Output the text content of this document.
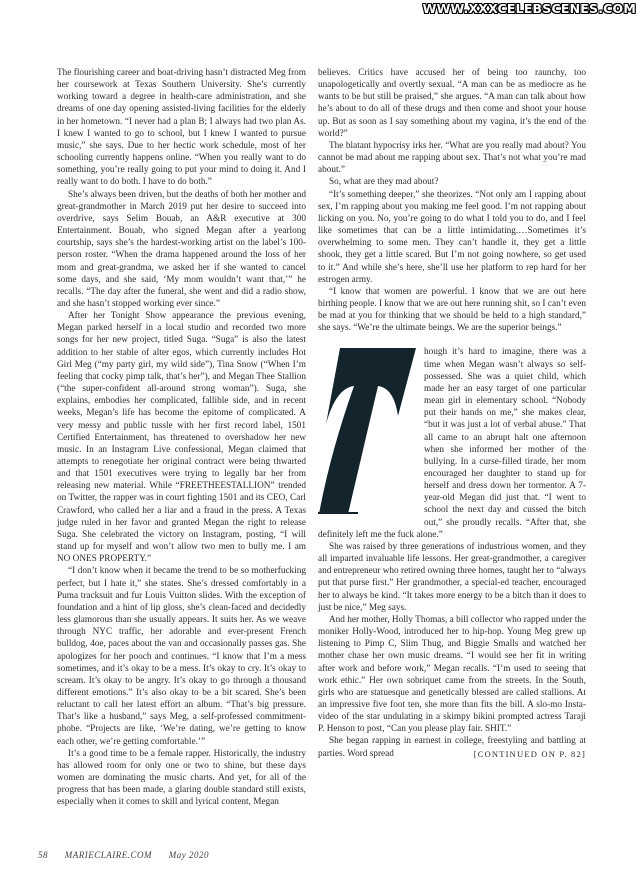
WWW.XXXCELEBSCENES.COM

The flourishing career and boat-driving hasn’t distracted Meg from her coursework at Texas Southern University. She’s currently working toward a degree in health-care administration, and she dreams of one day opening assisted-living facilities for the elderly in her hometown. “I never had a plan B; I always had two plan As. I knew I wanted to go to school, but I knew I wanted to pursue music,” she says. Due to her hectic work schedule, most of her schooling currently happens online. “When you really want to do something, you’re really going to put your mind to doing it. And I really want to do both. I have to do both.”

She’s always been driven, but the deaths of both her mother and great-grandmother in March 2019 put her desire to succeed into overdrive, says Selim Bouab, an A&R executive at 300 Entertainment. Bouab, who signed Megan after a yearlong courtship, says she’s the hardest-working artist on the label’s 100-person roster. “When the drama happened around the loss of her mom and great-grandma, we asked her if she wanted to cancel some days, and she said, ‘My mom wouldn’t want that,’” he recalls. “The day after the funeral, she went and did a radio show, and she hasn’t stopped working ever since.”

After her Tonight Show appearance the previous evening, Megan parked herself in a local studio and recorded two more songs for her new project, titled Suga. “Suga” is also the latest addition to her stable of alter egos, which currently includes Hot Girl Meg (“my party girl, my wild side”), Tina Snow (“When I’m feeling that cocky pimp talk, that’s her”), and Megan Thee Stallion (“the super-confident all-around strong woman”). Suga, she explains, embodies her complicated, fallible side, and in recent weeks, Megan’s life has become the epitome of complicated. A very messy and public tussle with her first record label, 1501 Certified Entertainment, has threatened to overshadow her new music. In an Instagram Live confessional, Megan claimed that attempts to renegotiate her original contract were being thwarted and that 1501 executives were trying to legally bar her from releasing new material. While “FREETHEESTALLION” trended on Twitter, the rapper was in court fighting 1501 and its CEO, Carl Crawford, who called her a liar and a fraud in the press. A Texas judge ruled in her favor and granted Megan the right to release Suga. She celebrated the victory on Instagram, posting, “I will stand up for myself and won’t allow two men to bully me. I am NO ONES PROPERTY.”

“I don’t know when it became the trend to be so motherfucking perfect, but I hate it,” she states. She’s dressed comfortably in a Puma tracksuit and fur Louis Vuitton slides. With the exception of foundation and a hint of lip gloss, she’s clean-faced and decidedly less glamorous than she usually appears. It suits her. As we weave through NYC traffic, her adorable and ever-present French bulldog, 4oe, paces about the van and occasionally passes gas. She apologizes for her pooch and continues. “I know that I’m a mess sometimes, and it’s okay to be a mess. It’s okay to cry. It’s okay to scream. It’s okay to be angry. It’s okay to go through a thousand different emotions.” It’s also okay to be a bit scared. She’s been reluctant to call her latest effort an album. “That’s big pressure. That’s like a husband,” says Meg, a self-professed commitment-phobe. “Projects are like, ‘We’re dating, we’re getting to know each other, we’re getting comfortable.’”

It’s a good time to be a female rapper. Historically, the industry has allowed room for only one or two to shine, but these days women are dominating the music charts. And yet, for all of the progress that has been made, a glaring double standard still exists, especially when it comes to skill and lyrical content, Megan

believes. Critics have accused her of being too raunchy, too unapologetically and overtly sexual. “A man can be as mediocre as he wants to be but still be praised,” she argues. “A man can talk about how he’s about to do all of these drugs and then come and shoot your house up. But as soon as I say something about my vagina, it’s the end of the world?”

The blatant hypocrisy irks her. “What are you really mad about? You cannot be mad about me rapping about sex. That’s not what you’re mad about.”

So, what are they mad about?

“It’s something deeper,” she theorizes. “Not only am I rapping about sex, I’m rapping about you making me feel good. I’m not rapping about licking on you. No, you’re going to do what I told you to do, and I feel like sometimes that can be a little intimidating.…Sometimes it’s overwhelming to some men. They can’t handle it, they get a little shook, they get a little scared. But I’m not going nowhere, so get used to it.” And while she’s here, she’ll use her platform to rep hard for her estrogen army.

“I know that women are powerful. I know that we are out here birthing people. I know that we are out here running shit, so I can’t even be mad at you for thinking that we should be held to a high standard,” she says. “We’re the ultimate beings. We are the superior beings.”

hough it’s hard to imagine, there was a time when Megan wasn’t always so self-possessed. She was a quiet child, which made her an easy target of one particular mean girl in elementary school. “Nobody put their hands on me,” she makes clear, “but it was just a lot of verbal abuse.” That all came to an abrupt halt one afternoon when she informed her mother of the bullying. In a curse-filled tirade, her mom encouraged her daughter to stand up for herself and dress down her tormentor. A 7-year-old Megan did just that. “I went to school the next day and cussed the bitch out,” she proudly recalls. “After that, she definitely left me the fuck alone.”

She was raised by three generations of industrious women, and they all imparted invaluable life lessons. Her great-grandmother, a caregiver and entrepreneur who retired owning three homes, taught her to “always put that purse first.” Her grandmother, a special-ed teacher, encouraged her to always be kind. “It takes more energy to be a bitch than it does to just be nice,” Meg says.

And her mother, Holly Thomas, a bill collector who rapped under the moniker Holly-Wood, introduced her to hip-hop. Young Meg grew up listening to Pimp C, Slim Thug, and Biggie Smalls and watched her mother chase her own music dreams. “I would see her fit in writing after work and before work,” Megan recalls. “I’m used to seeing that work ethic.” Her own sobriquet came from the streets. In the South, girls who are statuesque and genetically blessed are called stallions. At an impressive five foot ten, she more than fits the bill. A slo-mo Insta-video of the star undulating in a skimpy bikini prompted actress Taraji P. Henson to post, “Can you please play fair. SHIT.”

She began rapping in earnest in college, freestyling and battling at parties. Word spread	[CONTINUED ON P. 82]

58 MARIECLAIRE.COM May 2020
